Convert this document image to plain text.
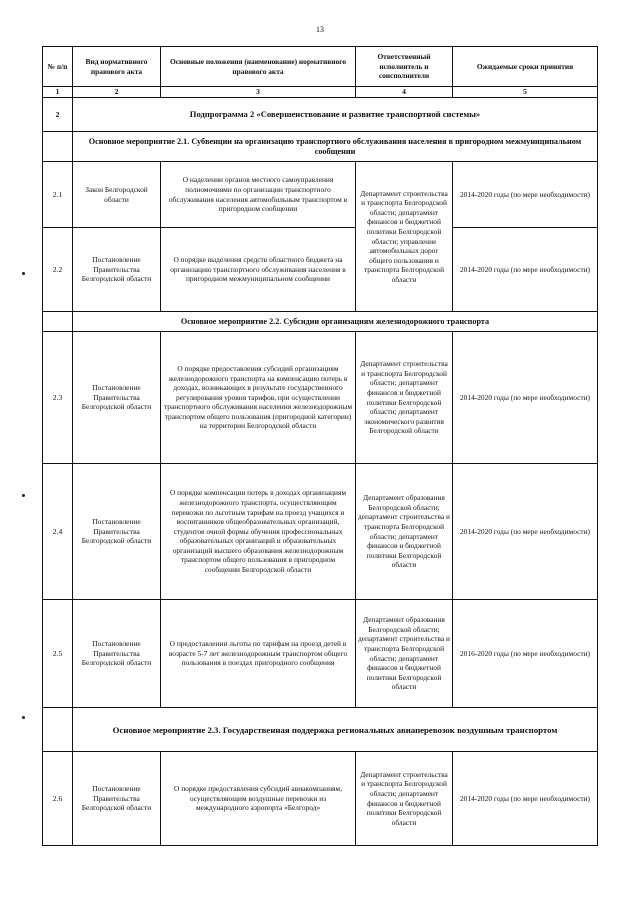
13
№ п/п	Вид нормативного правового акта	Основные положения (наименование) нормативного правового акта	Ответственный исполнитель и соисполнители	Ожидаемые сроки принятия
1	2	3	4	5
2	Подпрограмма 2 «Совершенствование и развитие транспортной системы»			
	Основное мероприятие 2.1. Субвенции на организацию транспортного обслуживания населения в пригородном межмуниципальном сообщении			
2.1	Закон Белгородской области	О наделении органов местного самоуправления полномочиями по организации транспортного обслуживания населения автомобильным транспортом в пригородном сообщении	Департамент строительства и транспорта Белгородской области; департамент финансов и бюджетной политики Белгородской области; управление автомобильных дорог общего пользования и транспорта Белгородской области	2014-2020 годы (по мере необходимости)
2.2	Постановление Правительства Белгородской области	О порядке выделения средств областного бюджета на организацию транспортного обслуживания населения в пригородном межмуниципальном сообщении		2014-2020 годы (по мере необходимости)
	Основное мероприятие 2.2. Субсидии организациям железнодорожного транспорта			
2.3	Постановление Правительства Белгородской области	О порядке предоставления субсидий организациям железнодорожного транспорта на компенсацию потерь в доходах, возникающих в результате государственного регулирования уровня тарифов, при осуществлении транспортного обслуживания населения железнодорожным транспортом общего пользования (пригородной категории) на территории Белгородской области	Департамент строительства и транспорта Белгородской области; департамент финансов и бюджетной политики Белгородской области; департамент экономического развития Белгородской области	2014-2020 годы (по мере необходимости)
2.4	Постановление Правительства Белгородской области	О порядке компенсации потерь в доходах организациям железнодорожного транспорта, осуществляющим перевозки по льготным тарифам на проезд учащихся и воспитанников общеобразовательных организаций, студентов очной формы обучения профессиональных образовательных организаций и образовательных организаций высшего образования железнодорожным транспортом общего пользования в пригородном сообщении Белгородской области	Департамент образования Белгородской области; департамент строительства и транспорта Белгородской области; департамент финансов и бюджетной политики Белгородской области	2014-2020 годы (по мере необходимости)
2.5	Постановление Правительства Белгородской области	О предоставлении льготы по тарифам на проезд детей в возрасте 5-7 лет железнодорожным транспортом общего пользования в поездах пригородного сообщения	Департамент образования Белгородской области; департамент строительства и транспорта Белгородской области; департамент финансов и бюджетной политики Белгородской области	2016-2020 годы (по мере необходимости)
	Основное мероприятие 2.3. Государственная поддержка региональных авиаперевозок воздушным транспортом			
2.6	Постановление Правительства Белгородской области	О порядке предоставления субсидий авиакомпаниям, осуществляющим воздушные перевозки из международного аэропорта «Белгород»	Департамент строительства и транспорта Белгородской области; департамент финансов и бюджетной политики Белгородской области	2014-2020 годы (по мере необходимости)
